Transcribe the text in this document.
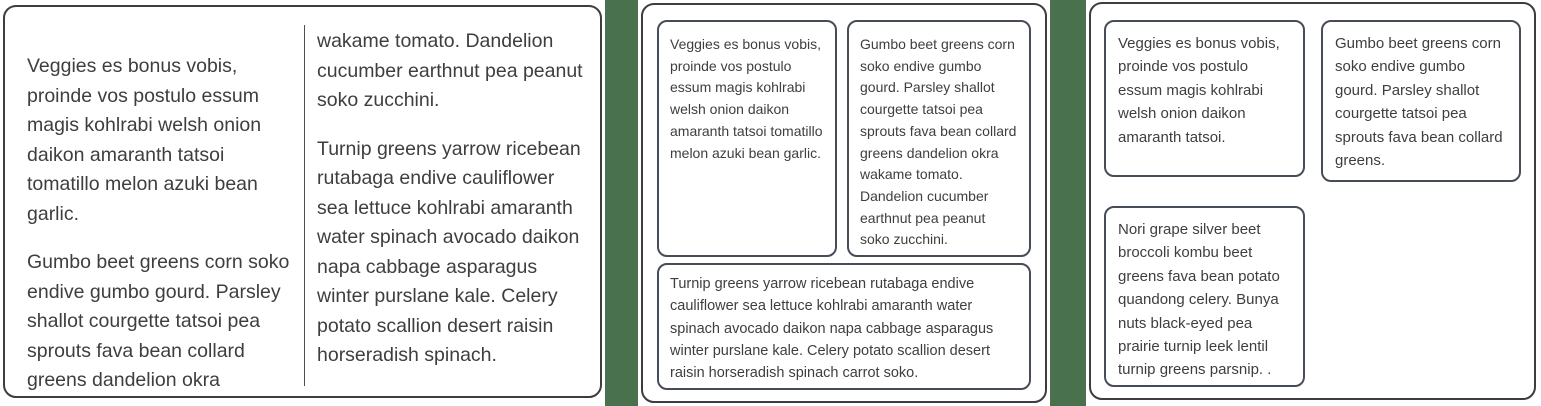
Veggies es bonus vobis, proinde vos postulo essum magis kohlrabi welsh onion daikon amaranth tatsoi tomatillo melon azuki bean garlic.

Gumbo beet greens corn soko endive gumbo gourd. Parsley shallot courgette tatsoi pea sprouts fava bean collard greens dandelion okra

wakame tomato. Dandelion cucumber earthnut pea peanut soko zucchini.

Turnip greens yarrow ricebean rutabaga endive cauliflower sea lettuce kohlrabi amaranth water spinach avocado daikon napa cabbage asparagus winter purslane kale. Celery potato scallion desert raisin horseradish spinach.

Veggies es bonus vobis, proinde vos postulo essum magis kohlrabi welsh onion daikon amaranth tatsoi tomatillo melon azuki bean garlic.
Gumbo beet greens corn soko endive gumbo gourd. Parsley shallot courgette tatsoi pea sprouts fava bean collard greens dandelion okra wakame tomato. Dandelion cucumber earthnut pea peanut soko zucchini.
Turnip greens yarrow ricebean rutabaga endive cauliflower sea lettuce kohlrabi amaranth water spinach avocado daikon napa cabbage asparagus winter purslane kale. Celery potato scallion desert raisin horseradish spinach carrot soko.
Veggies es bonus vobis, proinde vos postulo essum magis kohlrabi welsh onion daikon amaranth tatsoi.
Gumbo beet greens corn soko endive gumbo gourd. Parsley shallot courgette tatsoi pea sprouts fava bean collard greens.
Nori grape silver beet broccoli kombu beet greens fava bean potato quandong celery. Bunya nuts black-eyed pea prairie turnip leek lentil turnip greens parsnip. .
